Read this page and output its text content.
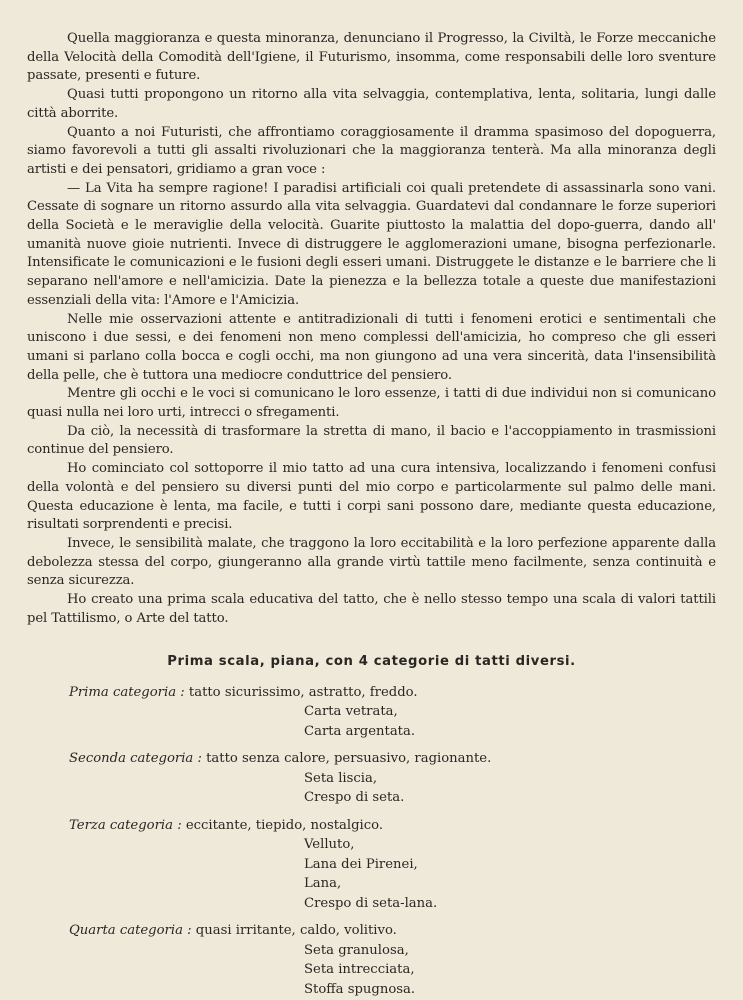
Quella maggioranza e questa minoranza, denunciano il Progresso, la Civiltà, le Forze meccaniche della Velocità della Comodità dell'Igiene, il Futurismo, insomma, come responsabili delle loro sventure passate, presenti e future.

Quasi tutti propongono un ritorno alla vita selvaggia, contemplativa, lenta, solitaria, lungi dalle città aborrite.

Quanto a noi Futuristi, che affrontiamo coraggiosamente il dramma spasimoso del dopoguerra, siamo favorevoli a tutti gli assalti rivoluzionari che la maggioranza tenterà. Ma alla minoranza degli artisti e dei pensatori, gridiamo a gran voce :

— La Vita ha sempre ragione! I paradisi artificiali coi quali pretendete di assassinarla sono vani. Cessate di sognare un ritorno assurdo alla vita selvaggia. Guardatevi dal condannare le forze superiori della Società e le meraviglie della velocità. Guarite piuttosto la malattia del dopo-guerra, dando all' umanità nuove gioie nutrienti. Invece di distruggere le agglomerazioni umane, bisogna perfezionarle. Intensificate le comunicazioni e le fusioni degli esseri umani. Distruggete le distanze e le barriere che li separano nell'amore e nell'amicizia. Date la pienezza e la bellezza totale a queste due manifestazioni essenziali della vita: l'Amore e l'Amicizia.

Nelle mie osservazioni attente e antitradizionali di tutti i fenomeni erotici e sentimentali che uniscono i due sessi, e dei fenomeni non meno complessi dell'amicizia, ho compreso che gli esseri umani si parlano colla bocca e cogli occhi, ma non giungono ad una vera sincerità, data l'insensibilità della pelle, che è tuttora una mediocre conduttrice del pensiero.

Mentre gli occhi e le voci si comunicano le loro essenze, i tatti di due individui non si comunicano quasi nulla nei loro urti, intrecci o sfregamenti.

Da ciò, la necessità di trasformare la stretta di mano, il bacio e l'accoppiamento in trasmissioni continue del pensiero.

Ho cominciato col sottoporre il mio tatto ad una cura intensiva, localizzando i fenomeni confusi della volontà e del pensiero su diversi punti del mio corpo e particolarmente sul palmo delle mani. Questa educazione è lenta, ma facile, e tutti i corpi sani possono dare, mediante questa educazione, risultati sorprendenti e precisi.

Invece, le sensibilità malate, che traggono la loro eccitabilità e la loro perfezione apparente dalla debolezza stessa del corpo, giungeranno alla grande virtù tattile meno facilmente, senza continuità e senza sicurezza.

Ho creato una prima scala educativa del tatto, che è nello stesso tempo una scala di valori tattili pel Tattilismo, o Arte del tatto.

Prima scala, piana, con 4 categorie di tatti diversi.
Prima categoria : tatto sicurissimo, astratto, freddo.
Carta vetrata,
Carta argentata.
Seconda categoria : tatto senza calore, persuasivo, ragionante.
Seta liscia,
Crespo di seta.
Terza categoria : eccitante, tiepido, nostalgico.
Velluto,
Lana dei Pirenei,
Lana,
Crespo di seta-lana.
Quarta categoria : quasi irritante, caldo, volitivo.
Seta granulosa,
Seta intrecciata,
Stoffa spugnosa.
